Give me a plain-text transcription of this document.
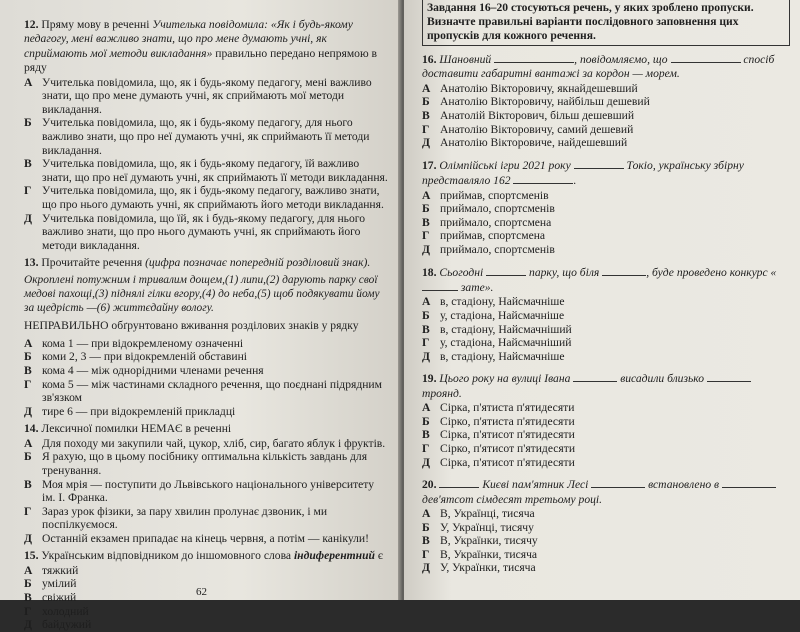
12. Пряму мову в реченні Учителька повідомила: «Як і будь-якому педагогу, мені важливо знати, що про мене думають учні, як сприймають мої методи викладання» правильно передано непрямою в ряду

А Учителька повідомила, що, як і будь-якому педагогу, мені важливо знати, що про мене думають учні, як сприймають мої методи викладання.
Б Учителька повідомила, що, як і будь-якому педагогу, для нього важливо знати, що про неї думають учні, як сприймають її методи викладання.
В Учителька повідомила, що, як і будь-якому педагогу, їй важливо знати, що про неї думають учні, як сприймають її методи викладання.
Г Учителька повідомила, що, як і будь-якому педагогу, важливо знати, що про нього думають учні, як сприймають його методи викладання.
Д Учителька повідомила, що їй, як і будь-якому педагогу, для нього важливо знати, що про нього думають учні, як сприймають його методи викладання.

13. Прочитайте речення (цифра позначає попередній розділовий знак).

Окроплені потужним і тривалим дощем,(1) липи,(2) дарують парку свої медові пахощі,(3) піднялі гілки вгору,(4) до неба,(5) щоб подякувати йому за щедрість —(6) життєдайну вологу.

НЕПРАВИЛЬНО обґрунтовано вживання розділових знаків у рядку

А кома 1 — при відокремленому означенні
Б коми 2, 3 — при відокремленій обставині
В кома 4 — між однорідними членами речення
Г кома 5 — між частинами складного речення, що поєднані підрядним зв'язком
Д тире 6 — при відокремленій прикладці

14. Лексичної помилки НЕМАЄ в реченні

А Для походу ми закупили чай, цукор, хліб, сир, багато яблук і фруктів.
Б Я рахую, що в цьому посібнику оптимальна кількість завдань для тренування.
В Моя мрія — поступити до Львівського національного університету ім. І. Франка.
Г Зараз урок фізики, за пару хвилин пролунає дзвоник, і ми поспілкуємося.
Д Останній екзамен припадає на кінець червня, а потім — канікули!

15. Українським відповідником до іншомовного слова індиферентний є

А тяжкий
Б умілий
В свіжий
Г холодний
Д байдужий
62
Завдання 16–20 стосуються речень, у яких зроблено пропуски. Визначте правильні варіанти послідовного заповнення цих пропусків для кожного речення.

16. Шановний	, повідомляємо, що	спосіб доставити габаритні вантажі за кордон — морем.

А Анатолію Вікторовичу, якнайдешевший
Б Анатолію Вікторовичу, найбільш дешевий
В Анатолій Вікторович, більш дешевший
Г Анатолію Вікторовичу, самий дешевий
Д Анатолію Вікторовиче, найдешевший

17. Олімпійські ігри 2021 року	Токіо, українську збірну представляло 162	.

А приймав, спортсменів
Б приймало, спортсменів
В приймало, спортсмена
Г приймав, спортсмена
Д приймало, спортсменів

18. Сьогодні	парку, що біля	, буде проведено конкурс « зате».

А в, стадіону, Найсмачніше
Б у, стадіона, Найсмачніше
В в, стадіону, Найсмачніший
Г у, стадіона, Найсмачніший
Д в, стадіону, Найсмачніше

19. Цього року на вулиці Івана	висадили близько  троянд.

А Сірка, п'ятиста п'ятидесяти
Б Сірко, п'ятиста п'ятидесяти
В Сірка, п'ятисот п'ятидесяти
Г Сірко, п'ятисот п'ятидесяти
Д Сірка, п'ятисот п'ятидесяти

20.	Києві пам'ятник Лесі	встановлено в  дев'ятсот сімдесят третьому році.

А В, Українці, тисяча
Б У, Українці, тисячу
В В, Українки, тисячу
Г В, Українки, тисяча
Д У, Українки, тисяча
